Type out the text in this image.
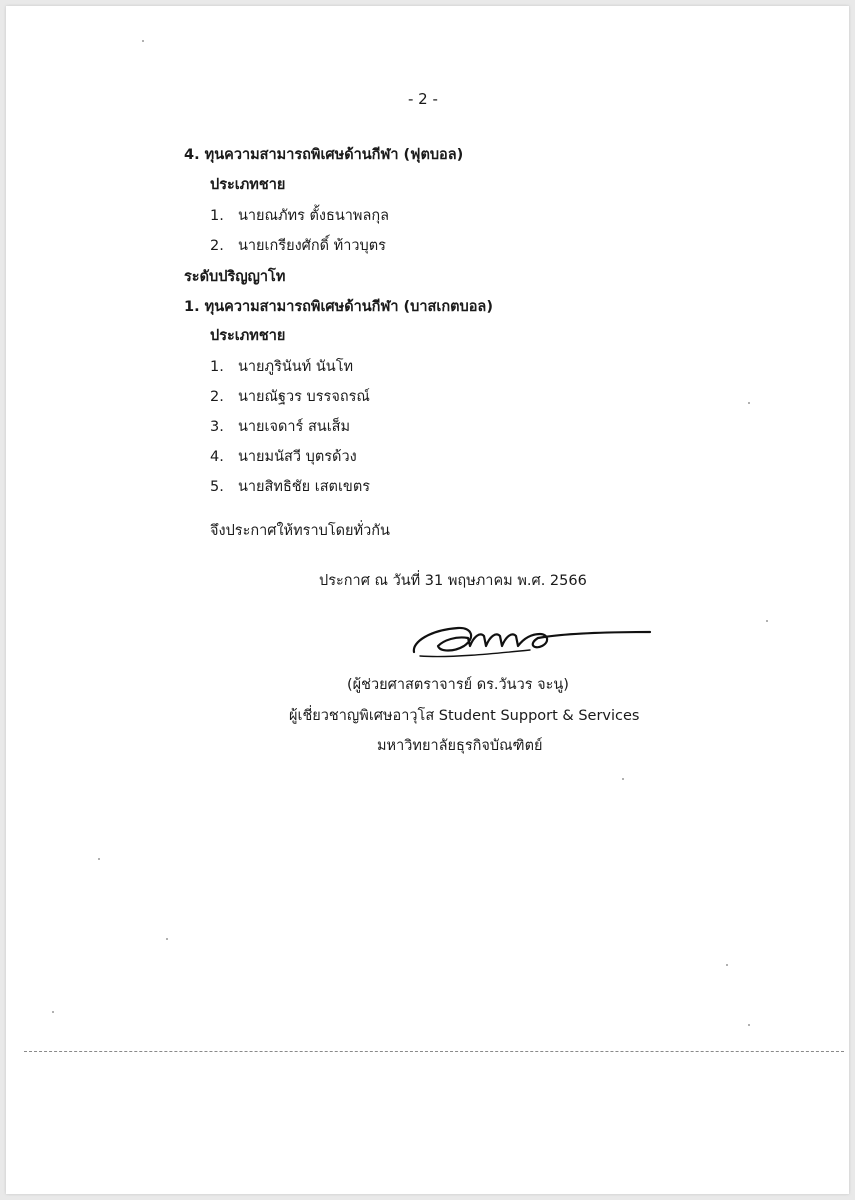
- 2 -
4. ทุนความสามารถพิเศษด้านกีฬา (ฟุตบอล)
ประเภทชาย
1. นายณภัทร ตั้งธนาพลกุล
2. นายเกรียงศักดิ์ ท้าวบุตร
ระดับปริญญาโท
1. ทุนความสามารถพิเศษด้านกีฬา (บาสเกตบอล)
ประเภทชาย
1. นายภูรินันท์ นันโท
2. นายณัฐวร บรรจถรณ์
3. นายเจดาร์ สนเส็ม
4. นายมนัสวี บุตรด้วง
5. นายสิทธิชัย เสตเขตร
จึงประกาศให้ทราบโดยทั่วกัน
ประกาศ ณ วันที่ 31 พฤษภาคม พ.ศ. 2566
(ผู้ช่วยศาสตราจารย์ ดร.วันวร จะนู)
ผู้เชี่ยวชาญพิเศษอาวุโส Student Support & Services
มหาวิทยาลัยธุรกิจบัณฑิตย์
